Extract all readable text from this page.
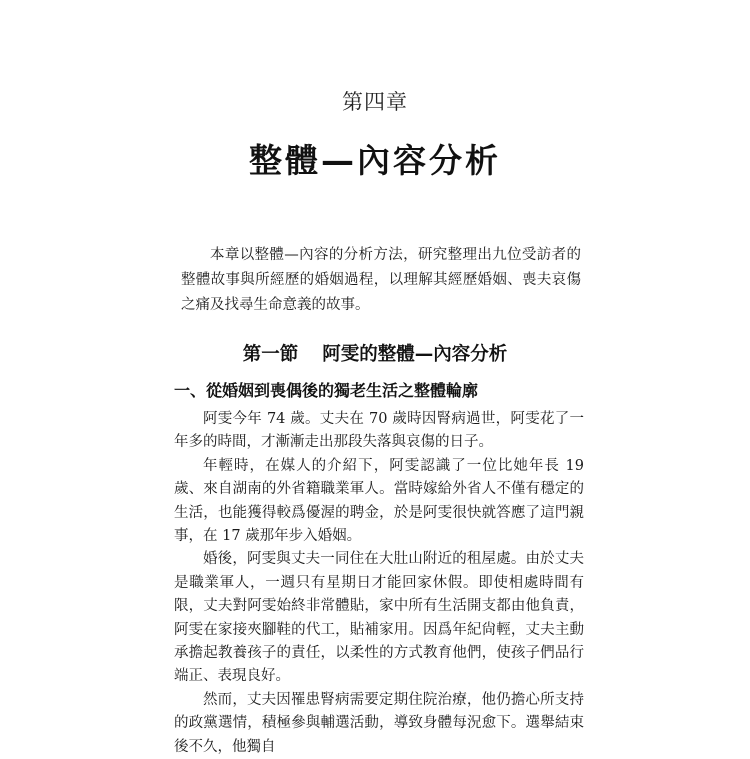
第四章
整體—內容分析

本章以整體—內容的分析方法，研究整理出九位受訪者的整體故事與所經歷的婚姻過程，以理解其經歷婚姻、喪夫哀傷之痛及找尋生命意義的故事。

第一節 阿雯的整體—內容分析
一、從婚姻到喪偶後的獨老生活之整體輪廓

阿雯今年 74 歲。丈夫在 70 歲時因腎病過世，阿雯花了一年多的時間，才漸漸走出那段失落與哀傷的日子。

年輕時，在媒人的介紹下，阿雯認識了一位比她年長 19 歲、來自湖南的外省籍職業軍人。當時嫁給外省人不僅有穩定的生活，也能獲得較爲優渥的聘金，於是阿雯很快就答應了這門親事，在 17 歲那年步入婚姻。

婚後，阿雯與丈夫一同住在大肚山附近的租屋處。由於丈夫是職業軍人，一週只有星期日才能回家休假。即使相處時間有限，丈夫對阿雯始終非常體貼，家中所有生活開支都由他負責，阿雯在家接夾腳鞋的代工，貼補家用。因爲年紀尙輕，丈夫主動承擔起教養孩子的責任，以柔性的方式教育他們，使孩子們品行端正、表現良好。

然而，丈夫因罹患腎病需要定期住院治療，他仍擔心所支持的政黨選情，積極參與輔選活動，導致身體每況愈下。選舉結束後不久，他獨自
